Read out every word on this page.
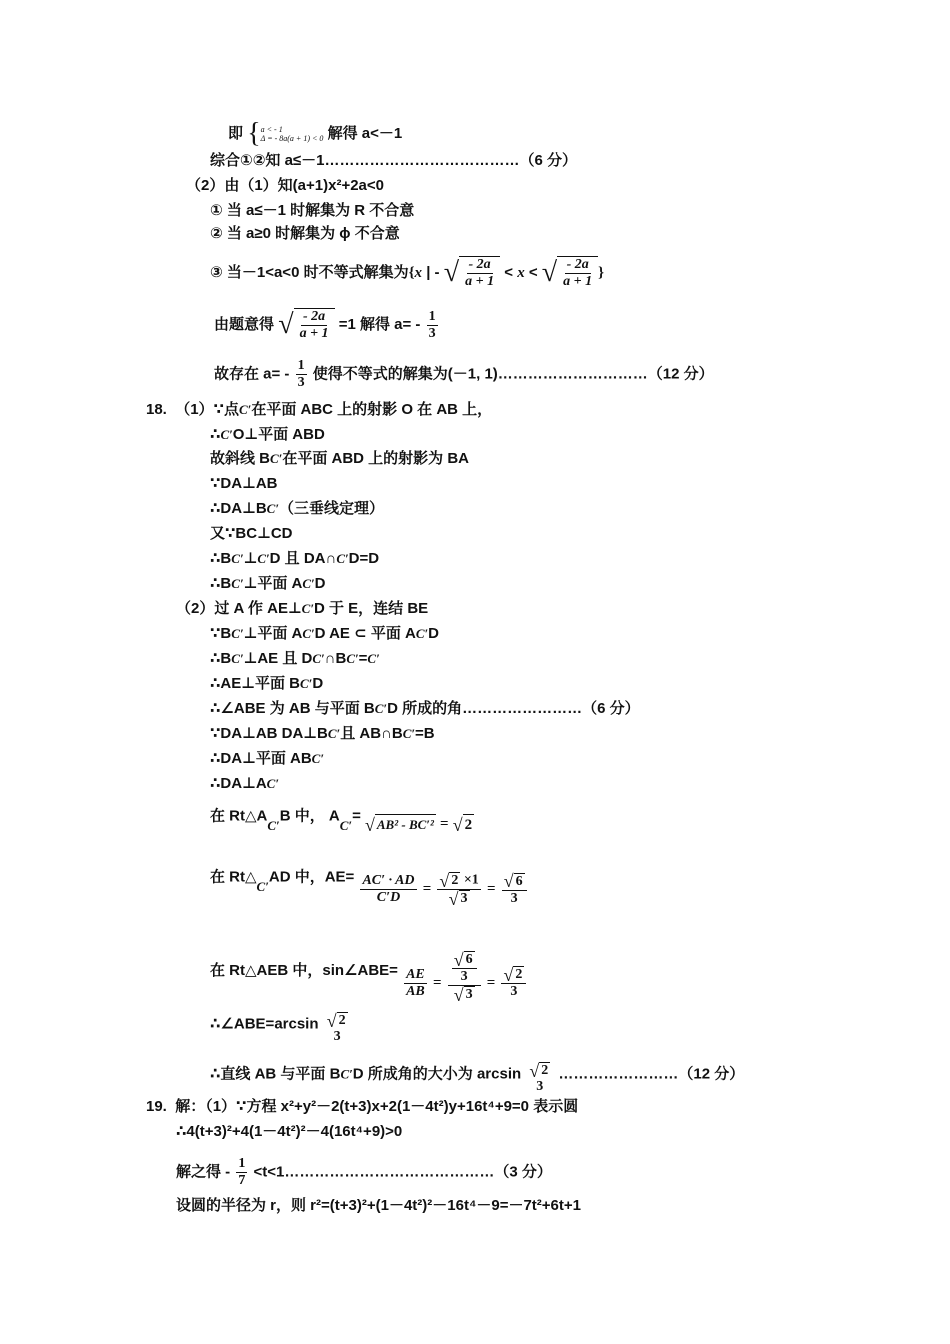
即 { a < - 1
Δ = - 8a(a + 1) < 0 解得 a<－1
综合①②知 a≤－1…………………………………（6 分）
（2）由（1）知(a+1)x²+2a<0
① 当 a≤－1 时解集为 R 不合意
② 当 a≥0 时解集为 ϕ 不合意
③ 当－1<a<0 时不等式解集为{x | - √ $\frac{- 2a}{a + 1} < x$ < √ $\frac{- 2a}{a + 1}$ }
由题意得 √ $\frac{- 2a}{a + 1} =1$ 解得 $a= - \frac{1}{3}$
故存在 $a= - \frac{1}{3}$ 使得不等式的解集为(－1, 1)…………………………（12 分）
18. （1）∵点C′在平面 ABC 上的射影 O 在 AB 上，
∴C′O⊥平面 ABD
故斜线 BC′在平面 ABD 上的射影为 BA
∵DA⊥AB
∴DA⊥BC′（三垂线定理）
又∵BC⊥CD
∴BC′⊥C′D 且 DA∩C′D=D
∴BC′⊥平面 AC′D
（2）过 A 作 AE⊥C′D 于 E，连结 BE
∵BC′⊥平面 AC′D AE ⊂ 平面 AC′D
∴BC′⊥AE 且 DC′∩BC′=C′
∴AE⊥平面 BC′D
∴∠ABE 为 AB 与平面 BC′D 所成的角……………………（6 分）
∵DA⊥AB DA⊥BC′且 AB∩BC′=B
∴DA⊥平面 ABC′
∴DA⊥AC′
在 Rt△AC′B 中， AC′= √ AB² - BC′² = √ 2
在 Rt△C′AD 中，$AE= \frac{AC' \cdot AD}{C'D} = \frac{√ 2 \times 1}{√ 3} = \frac{√ 6}{3}$
在 Rt△AEB 中，sin∠ABE= $\frac{AE}{AB} = \frac{\frac{√ 6}{3}}{√ 3} = \frac{√ 2}{3}$
∴∠ABE=arcsin √ 2
3
∴直线 AB 与平面 BC′D 所成角的大小为 arcsin √ 2
3
……………………（12 分）
19. 解：（1）∵方程 x²+y²－2(t+3)x+2(1－4t²)y+16t⁴+9=0 表示圆
∴4(t+3)²+4(1－4t²)²－4(16t⁴+9)>0
解之得 - $\frac{1}{7}$ <t<1……………………………………（3 分）
设圆的半径为 r，则 r²=(t+3)²+(1－4t²)²－16t⁴－9=－7t²+6t+1
